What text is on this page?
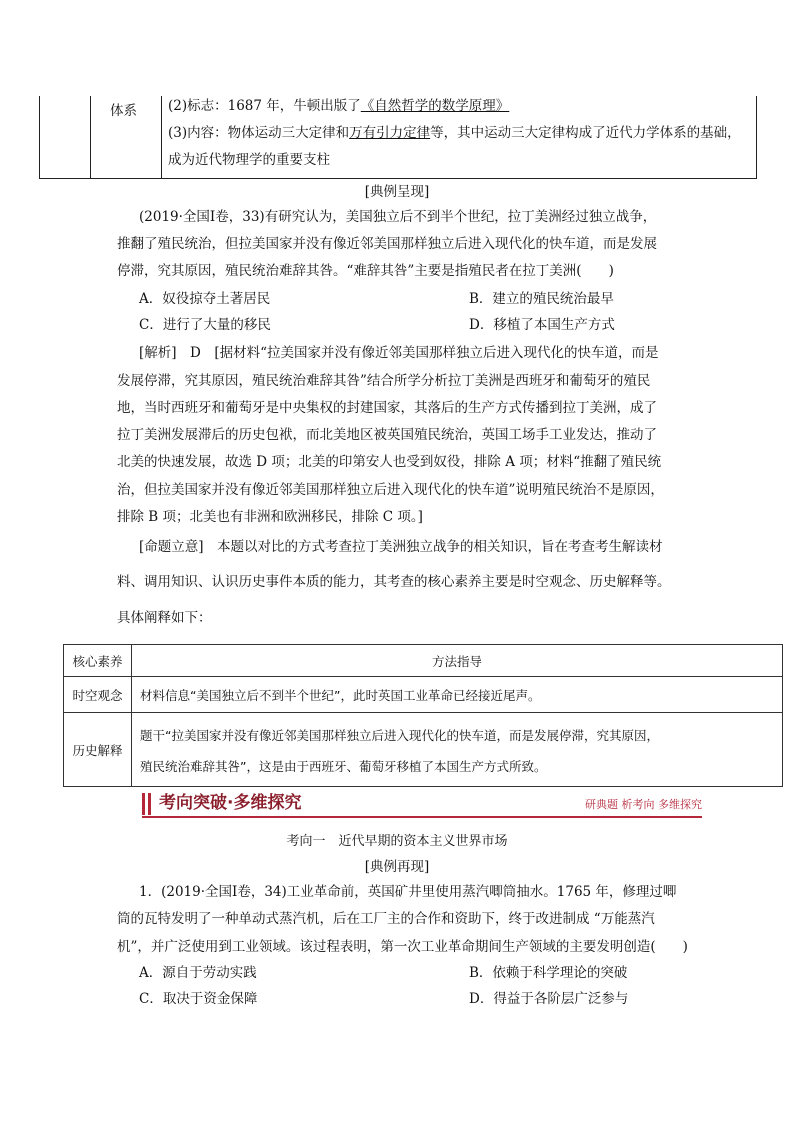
体系 (2)标志：1687 年，牛顿出版了《自然哲学的数学原理》
(3)内容：物体运动三大定律和万有引力定律等，其中运动三大定律构成了近代力学体系的基础，
成为近代物理学的重要支柱
[典例呈现]
(2019·全国Ⅰ卷，33)有研究认为，美国独立后不到半个世纪，拉丁美洲经过独立战争，
推翻了殖民统治，但拉美国家并没有像近邻美国那样独立后进入现代化的快车道，而是发展
停滞，究其原因，殖民统治难辞其咎。“难辞其咎”主要是指殖民者在拉丁美洲(　　)
A．奴役掠夺土著居民	B．建立的殖民统治最早
C．进行了大量的移民	D．移植了本国生产方式
[解析]　D　[据材料“拉美国家并没有像近邻美国那样独立后进入现代化的快车道，而是
发展停滞，究其原因，殖民统治难辞其咎”结合所学分析拉丁美洲是西班牙和葡萄牙的殖民
地，当时西班牙和葡萄牙是中央集权的封建国家，其落后的生产方式传播到拉丁美洲，成了
拉丁美洲发展滞后的历史包袱，而北美地区被英国殖民统治，英国工场手工业发达，推动了
北美的快速发展，故选 D 项；北美的印第安人也受到奴役，排除 A 项；材料“推翻了殖民统
治，但拉美国家并没有像近邻美国那样独立后进入现代化的快车道”说明殖民统治不是原因，
排除 B 项；北美也有非洲和欧洲移民，排除 C 项。]
[命题立意]　本题以对比的方式考查拉丁美洲独立战争的相关知识，旨在考查考生解读材
料、调用知识、认识历史事件本质的能力，其考查的核心素养主要是时空观念、历史解释等。
具体阐释如下：
核心素养	方法指导
时空观念	材料信息“美国独立后不到半个世纪”，此时英国工业革命已经接近尾声。
历史解释	题干“拉美国家并没有像近邻美国那样独立后进入现代化的快车道，而是发展停滞，究其原因，
殖民统治难辞其咎”，这是由于西班牙、葡萄牙移植了本国生产方式所致。
考向突破·多维探究	研典题 析考向 多维探究
考向一　近代早期的资本主义世界市场
[典例再现]
1．(2019·全国Ⅰ卷，34)工业革命前，英国矿井里使用蒸汽唧筒抽水。1765 年，修理过唧
筒的瓦特发明了一种单动式蒸汽机，后在工厂主的合作和资助下，终于改进制成 “万能蒸汽
机”，并广泛使用到工业领域。该过程表明，第一次工业革命期间生产领域的主要发明创造(　　)
A．源自于劳动实践	B．依赖于科学理论的突破
C．取决于资金保障	D．得益于各阶层广泛参与
